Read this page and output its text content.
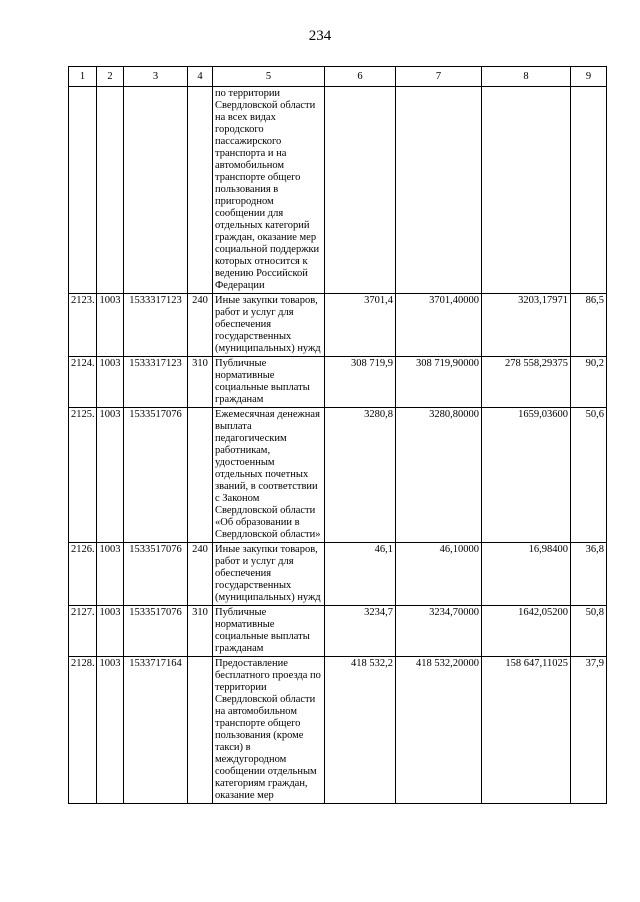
234
1	2	3	4	5	6	7	8	9
				по территории Свердловской области на всех видах городского пассажирского транспорта и на автомобильном транспорте общего пользования в пригородном сообщении для отдельных категорий граждан, оказание мер социальной поддержки которых относится к ведению Российской Федерации				
2123.	1003	1533317123	240	Иные закупки товаров, работ и услуг для обеспечения государственных (муниципальных) нужд	3701,4	3701,40000	3203,17971	86,5
2124.	1003	1533317123	310	Публичные нормативные социальные выплаты гражданам	308 719,9	308 719,90000	278 558,29375	90,2
2125.	1003	1533517076		Ежемесячная денежная выплата педагогическим работникам, удостоенным отдельных почетных званий, в соответствии с Законом Свердловской области «Об образовании в Свердловской области»	3280,8	3280,80000	1659,03600	50,6
2126.	1003	1533517076	240	Иные закупки товаров, работ и услуг для обеспечения государственных (муниципальных) нужд	46,1	46,10000	16,98400	36,8
2127.	1003	1533517076	310	Публичные нормативные социальные выплаты гражданам	3234,7	3234,70000	1642,05200	50,8
2128.	1003	1533717164		Предоставление бесплатного проезда по территории Свердловской области на автомобильном транспорте общего пользования (кроме такси) в междугородном сообщении отдельным категориям граждан, оказание мер	418 532,2	418 532,20000	158 647,11025	37,9
